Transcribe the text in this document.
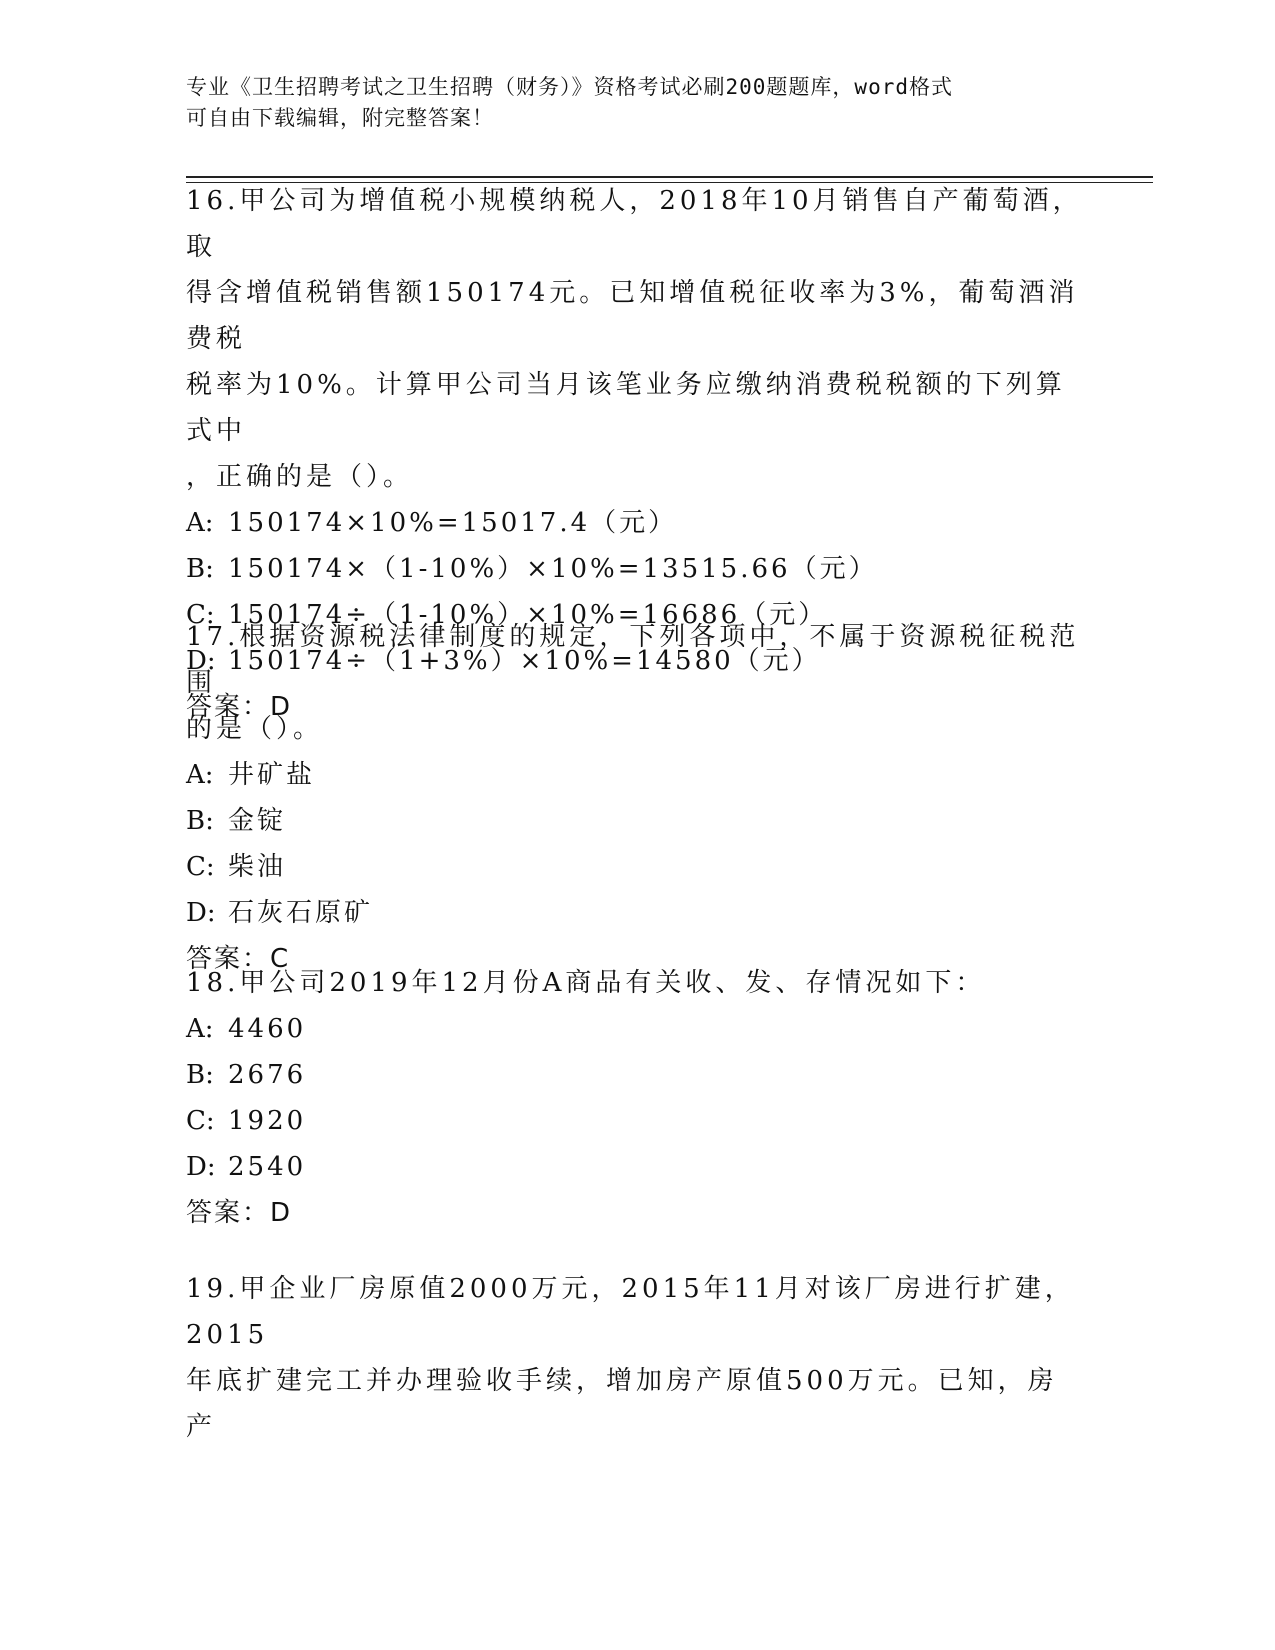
专业《卫生招聘考试之卫生招聘（财务）》资格考试必刷200题题库，word格式
可自由下载编辑，附完整答案！

16.甲公司为增值税小规模纳税人，2018年10月销售自产葡萄酒，取

得含增值税销售额150174元。已知增值税征收率为3%，葡萄酒消费税

税率为10%。计算甲公司当月该笔业务应缴纳消费税税额的下列算式中

，正确的是（）。

A: 150174×10%=15017.4（元）

B: 150174×（1-10%）×10%=13515.66（元）

C: 150174÷（1-10%）×10%=16686（元）

D: 150174÷（1+3%）×10%=14580（元）

答案：D

17.根据资源税法律制度的规定，下列各项中，不属于资源税征税范围

的是（）。

A: 井矿盐

B: 金锭

C: 柴油

D: 石灰石原矿

答案：C

18.甲公司2019年12月份A商品有关收、发、存情况如下：

A: 4460

B: 2676

C: 1920

D: 2540

答案：D

19.甲企业厂房原值2000万元，2015年11月对该厂房进行扩建，2015

年底扩建完工并办理验收手续，增加房产原值500万元。已知，房产
